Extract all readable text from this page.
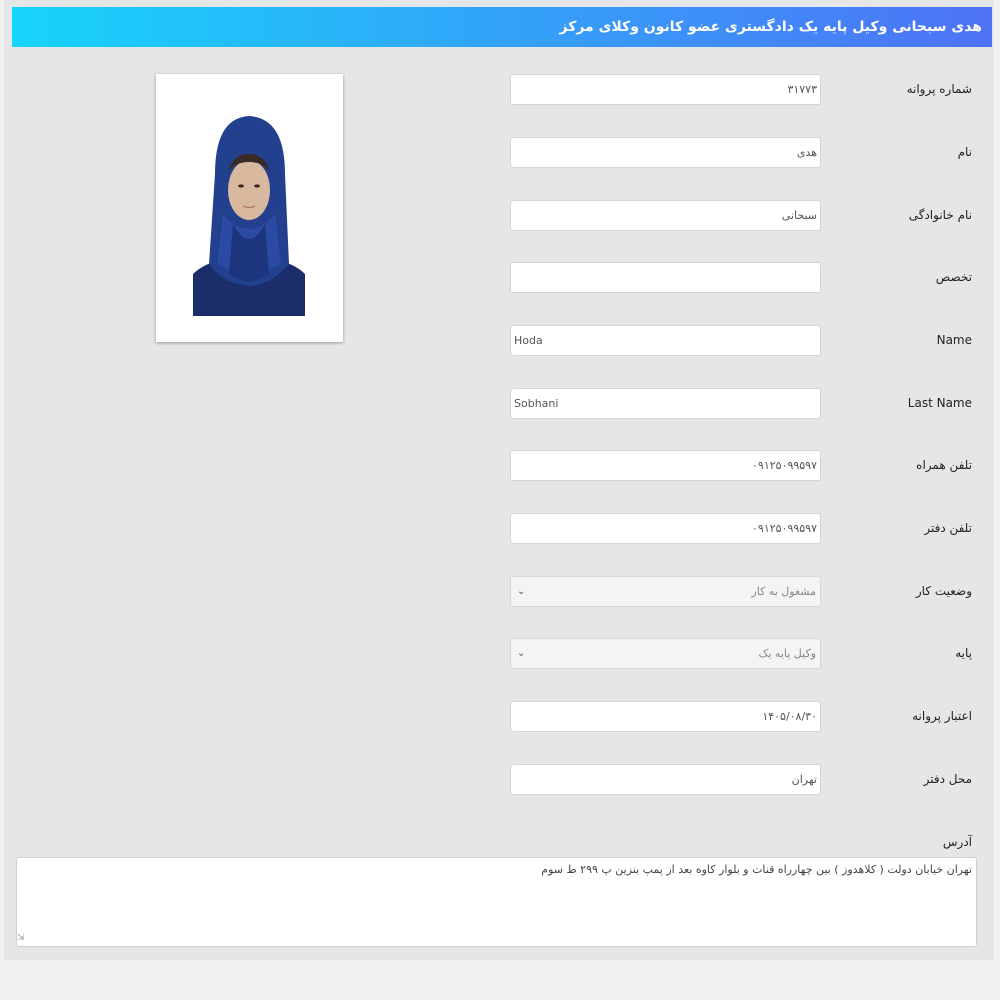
هدی سبحانی وکیل پایه یک دادگستری عضو کانون وکلای مرکز
شماره پروانه
۳۱۷۷۳
نام
هدی
نام خانوادگی
سبحانی
تخصص
Name
Hoda
Last Name
Sobhani
تلفن همراه
۰۹۱۲۵۰۹۹۵۹۷
تلفن دفتر
۰۹۱۲۵۰۹۹۵۹۷
وضعیت کار
مشغول به کار
⌄
پایه
وکیل پایه یک
⌄
اعتبار پروانه
۱۴۰۵/۰۸/۳۰
محل دفتر
تهران
آدرس
تهران خیابان دولت ( کلاهدوز ) بین چهارراه قنات و بلوار کاوه بعد از پمپ بنزین پ ۲۹۹ ط سوم
⇲
